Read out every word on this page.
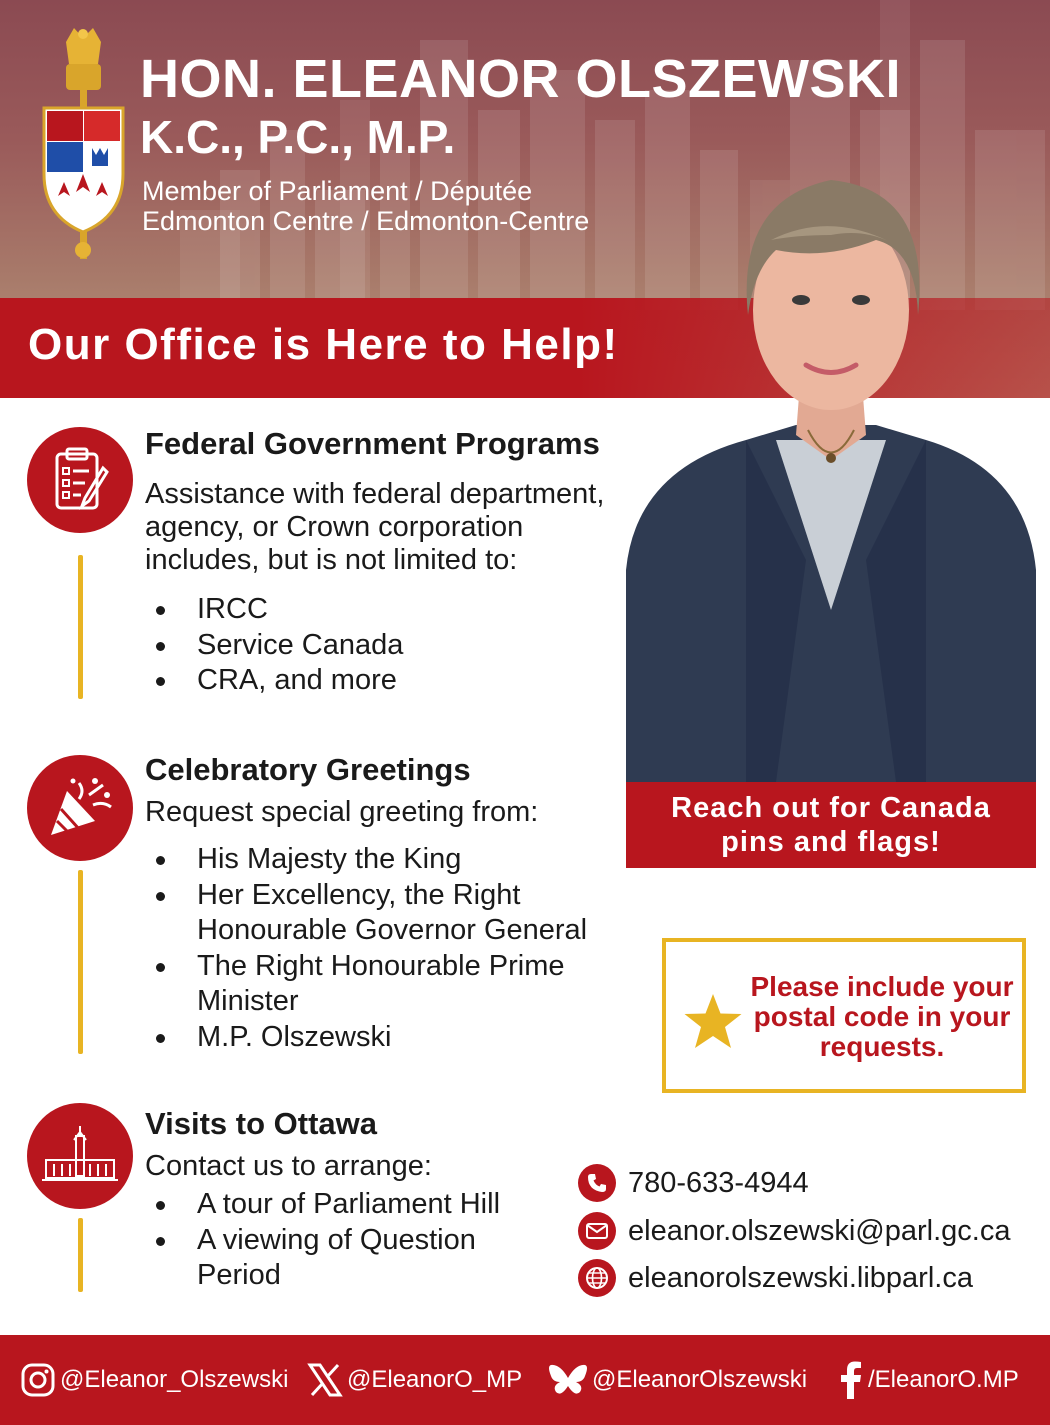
HON. ELEANOR OLSZEWSKI
K.C., P.C., M.P.
Member of Parliament / Députée
Edmonton Centre / Edmonton-Centre
Our Office is Here to Help!
Federal Government Programs
Assistance with federal department, agency, or Crown corporation includes, but is not limited to:
IRCC
Service Canada
CRA, and more
Celebratory Greetings
Request special greeting from:
His Majesty the King
Her Excellency, the Right Honourable Governor General
The Right Honourable Prime Minister
M.P. Olszewski
Visits to Ottawa
Contact us to arrange:
A tour of Parliament Hill
A viewing of Question Period
Reach out for Canada pins and flags!
Please include your postal code in your requests.
780-633-4944
eleanor.olszewski@parl.gc.ca
eleanorolszewski.libparl.ca
@Eleanor_Olszewski @EleanorO_MP	@EleanorOlszewski	/EleanorO.MP
